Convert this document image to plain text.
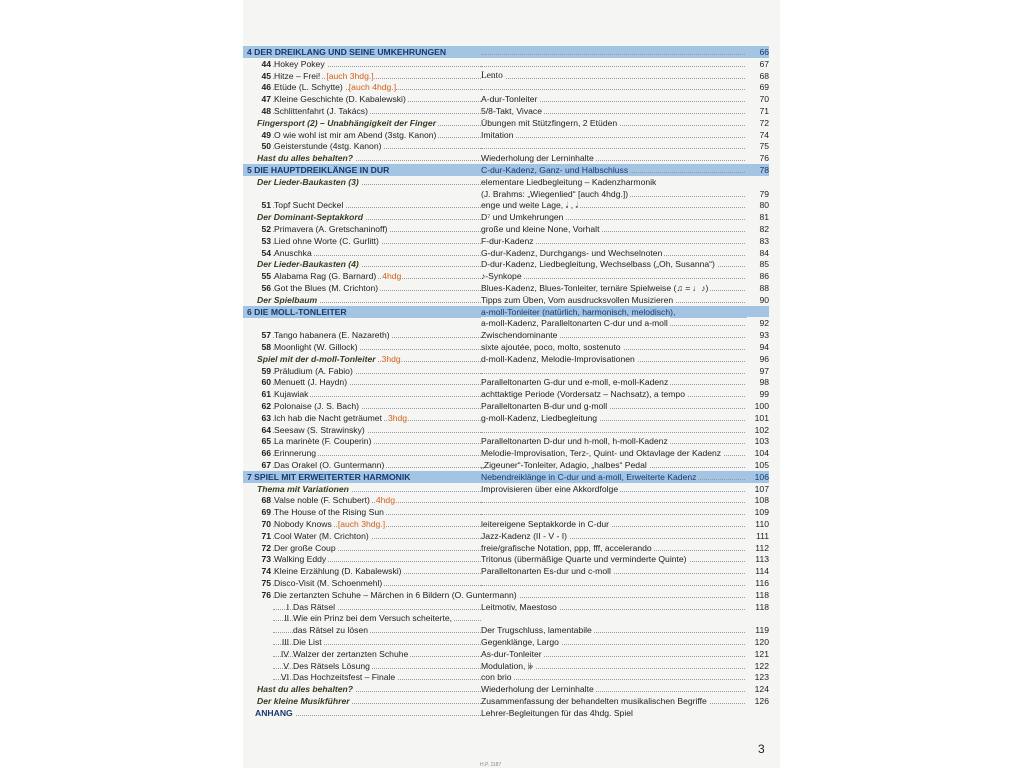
4 DER DREIKLANG UND SEINE UMKEHRUNGEN	66
44 Hokey Pokey	67
45 Hitze – Frei! [auch 3hdg.]	Lento	68
46 Etüde (L. Schytte) [auch 4hdg.]	69
47 Kleine Geschichte (D. Kabalewski)	A-dur-Tonleiter	70
48 Schlittenfahrt (J. Takács)	5/8-Takt, Vivace	71
Fingersport (2) – Unabhängigkeit der Finger	Übungen mit Stützfingern, 2 Etüden	72
49 O wie wohl ist mir am Abend (3stg. Kanon)	Imitation	74
50 Geisterstunde (4stg. Kanon)	75
Hast du alles behalten?	Wiederholung der Lerninhalte	76
5 DIE HAUPTDREIKLÄNGE IN DUR	C-dur-Kadenz, Ganz- und Halbschluss	78
Der Lieder-Baukasten (3)	elementare Liedbegleitung – Kadenzharmonik
(J. Brahms: „Wiegenlied“ [auch 4hdg.])	79
51 Topf Sucht Deckel	enge und weite Lage, 𝅗𝅥 , 𝅗𝅥	80
Der Dominant-Septakkord	D⁷ und Umkehrungen	81
52 Primavera (A. Gretschaninoff)	große und kleine None, Vorhalt	82
53 Lied ohne Worte (C. Gurlitt)	F-dur-Kadenz	83
54 Anuschka	G-dur-Kadenz, Durchgangs- und Wechselnoten	84
Der Lieder-Baukasten (4)	D-dur-Kadenz, Liedbegleitung, Wechselbass („Oh, Susanna“)	85
55 Alabama Rag (G. Barnard) 4hdg.	♪-Synkope	86
56 Got the Blues (M. Crichton)	Blues-Kadenz, Blues-Tonleiter, ternäre Spielweise (♫ = ♩♪)	88
Der Spielbaum	Tipps zum Üben, Vom ausdrucksvollen Musizieren	90
6 DIE MOLL-TONLEITER	a-moll-Tonleiter (natürlich, harmonisch, melodisch),
a-moll-Kadenz, Paralleltonarten C-dur und a-moll	92
57 Tango habanera (E. Nazareth)	Zwischendominante	93
58 Moonlight (W. Gillock)	sixte ajoutée, poco, molto, sostenuto	94
Spiel mit der d-moll-Tonleiter 3hdg.	d-moll-Kadenz, Melodie-Improvisationen	96
59 Präludium (A. Fabio)	97
60 Menuett (J. Haydn)	Paralleltonarten G-dur und e-moll, e-moll-Kadenz	98
61 Kujawiak	achttaktige Periode (Vordersatz – Nachsatz), a tempo	99
62 Polonaise (J. S. Bach)	Paralleltonarten B-dur und g-moll	100
63 Ich hab die Nacht geträumet 3hdg.	g-moll-Kadenz, Liedbegleitung	101
64 Seesaw (S. Strawinsky)	102
65 La marinète (F. Couperin)	Paralleltonarten D-dur und h-moll, h-moll-Kadenz	103
66 Erinnerung	Melodie-Improvisation, Terz-, Quint- und Oktavlage der Kadenz	104
67 Das Orakel (O. Guntermann)	„Zigeuner“-Tonleiter, Adagio, „halbes“ Pedal	105
7 SPIEL MIT ERWEITERTER HARMONIK	Nebendreiklänge in C-dur und a-moll, Erweiterte Kadenz	106
Thema mit Variationen	Improvisieren über eine Akkordfolge	107
68 Valse noble (F. Schubert) 4hdg.	108
69 The House of the Rising Sun	109
70 Nobody Knows [auch 3hdg.]	leitereigene Septakkorde in C-dur	110
71 Cool Water (M. Crichton)	Jazz-Kadenz (II - V - I)	111
72 Der große Coup	freie/grafische Notation, ppp, fff, accelerando	112
73 Walking Eddy	Tritonus (übermäßige Quarte und verminderte Quinte)	113
74 Kleine Erzählung (D. Kabalewski)	Paralleltonarten Es-dur und c-moll	114
75 Disco-Visit (M. Schoenmehl)	116
76 Die zertanzten Schuhe – Märchen in 6 Bildern (O. Guntermann)	118
I Das Rätsel	Leitmotiv, Maestoso	118
II Wie ein Prinz bei dem Versuch scheiterte,
das Rätsel zu lösen	Der Trugschluss, lamentabile	119
III Die List	Gegenklänge, Largo	120
IV Walzer der zertanzten Schuhe	As-dur-Tonleiter	121
V Des Rätsels Lösung	Modulation, 𝄫	122
VI Das Hochzeitsfest – Finale	con brio	123
Hast du alles behalten?	Wiederholung der Lerninhalte	124
Der kleine Musikführer	Zusammenfassung der behandelten musikalischen Begriffe	126
ANHANG	Lehrer-Begleitungen für das 4hdg. Spiel
3
H.P. 1187
